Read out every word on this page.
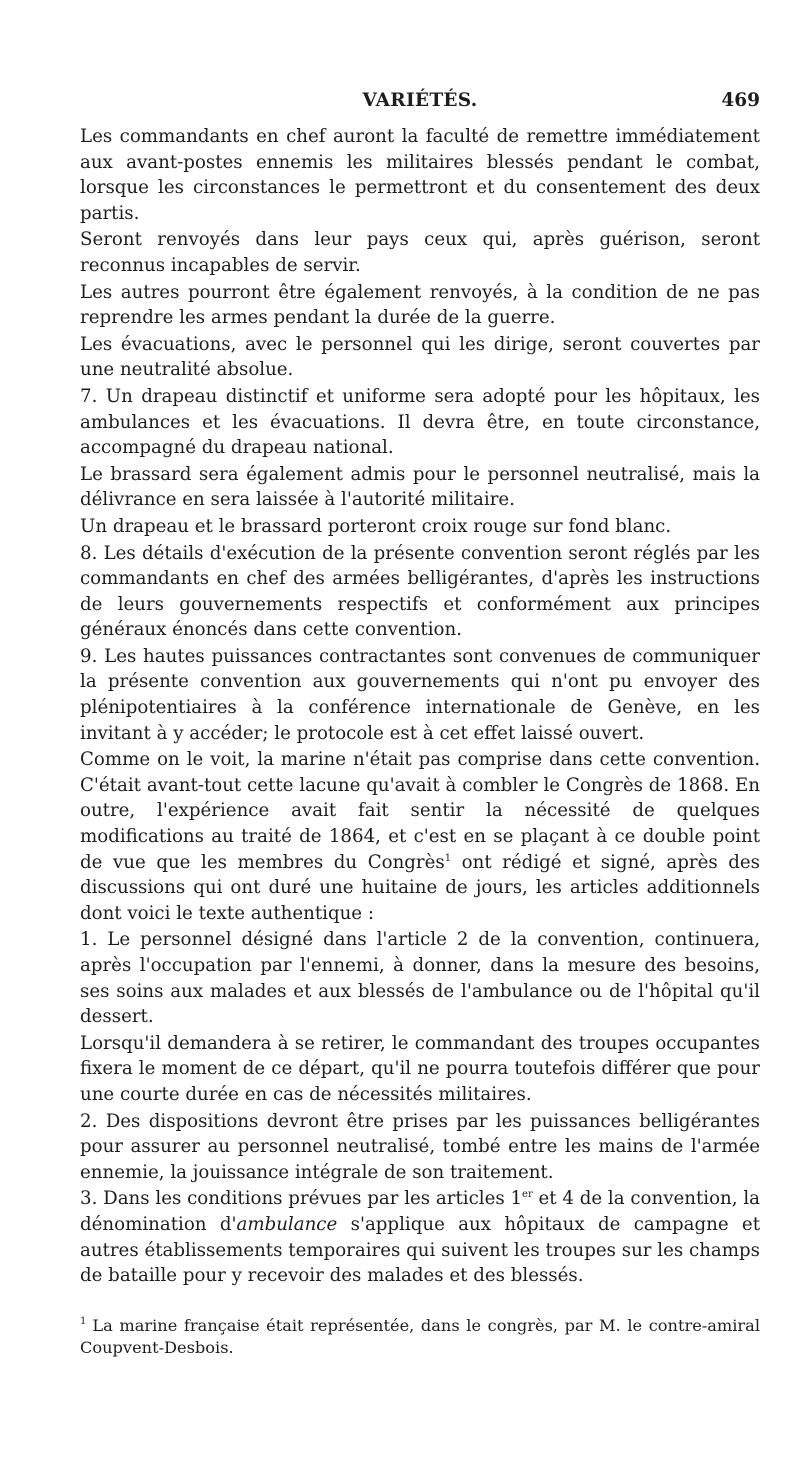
VARIÉTÉS.	469

Les commandants en chef auront la faculté de remettre immédiatement aux avant-postes ennemis les militaires blessés pendant le combat, lorsque les circonstances le permettront et du consentement des deux partis.

Seront renvoyés dans leur pays ceux qui, après guérison, seront reconnus incapables de servir.

Les autres pourront être également renvoyés, à la condition de ne pas reprendre les armes pendant la durée de la guerre.

Les évacuations, avec le personnel qui les dirige, seront couvertes par une neutralité absolue.

7. Un drapeau distinctif et uniforme sera adopté pour les hôpitaux, les ambulances et les évacuations. Il devra être, en toute circonstance, accompagné du drapeau national.

Le brassard sera également admis pour le personnel neutralisé, mais la délivrance en sera laissée à l'autorité militaire.

Un drapeau et le brassard porteront croix rouge sur fond blanc.

8. Les détails d'exécution de la présente convention seront réglés par les commandants en chef des armées belligérantes, d'après les instructions de leurs gouvernements respectifs et conformément aux principes généraux énoncés dans cette convention.

9. Les hautes puissances contractantes sont convenues de communiquer la présente convention aux gouvernements qui n'ont pu envoyer des plénipotentiaires à la conférence internationale de Genève, en les invitant à y accéder; le protocole est à cet effet laissé ouvert.

Comme on le voit, la marine n'était pas comprise dans cette convention. C'était avant-tout cette lacune qu'avait à combler le Congrès de 1868. En outre, l'expérience avait fait sentir la nécessité de quelques modifications au traité de 1864, et c'est en se plaçant à ce double point de vue que les membres du Congrès$^1$ ont rédigé et signé, après des discussions qui ont duré une huitaine de jours, les articles additionnels dont voici le texte authentique :

1. Le personnel désigné dans l'article 2 de la convention, continuera, après l'occupation par l'ennemi, à donner, dans la mesure des besoins, ses soins aux malades et aux blessés de l'ambulance ou de l'hôpital qu'il dessert.

Lorsqu'il demandera à se retirer, le commandant des troupes occupantes fixera le moment de ce départ, qu'il ne pourra toutefois différer que pour une courte durée en cas de nécessités militaires.

2. Des dispositions devront être prises par les puissances belligérantes pour assurer au personnel neutralisé, tombé entre les mains de l'armée ennemie, la jouissance intégrale de son traitement.

3. Dans les conditions prévues par les articles 1er et 4 de la convention, la dénomination d'ambulance s'applique aux hôpitaux de campagne et autres établissements temporaires qui suivent les troupes sur les champs de bataille pour y recevoir des malades et des blessés.

$^1$ La marine française était représentée, dans le congrès, par M. le contre-amiral Coupvent-Desbois.
